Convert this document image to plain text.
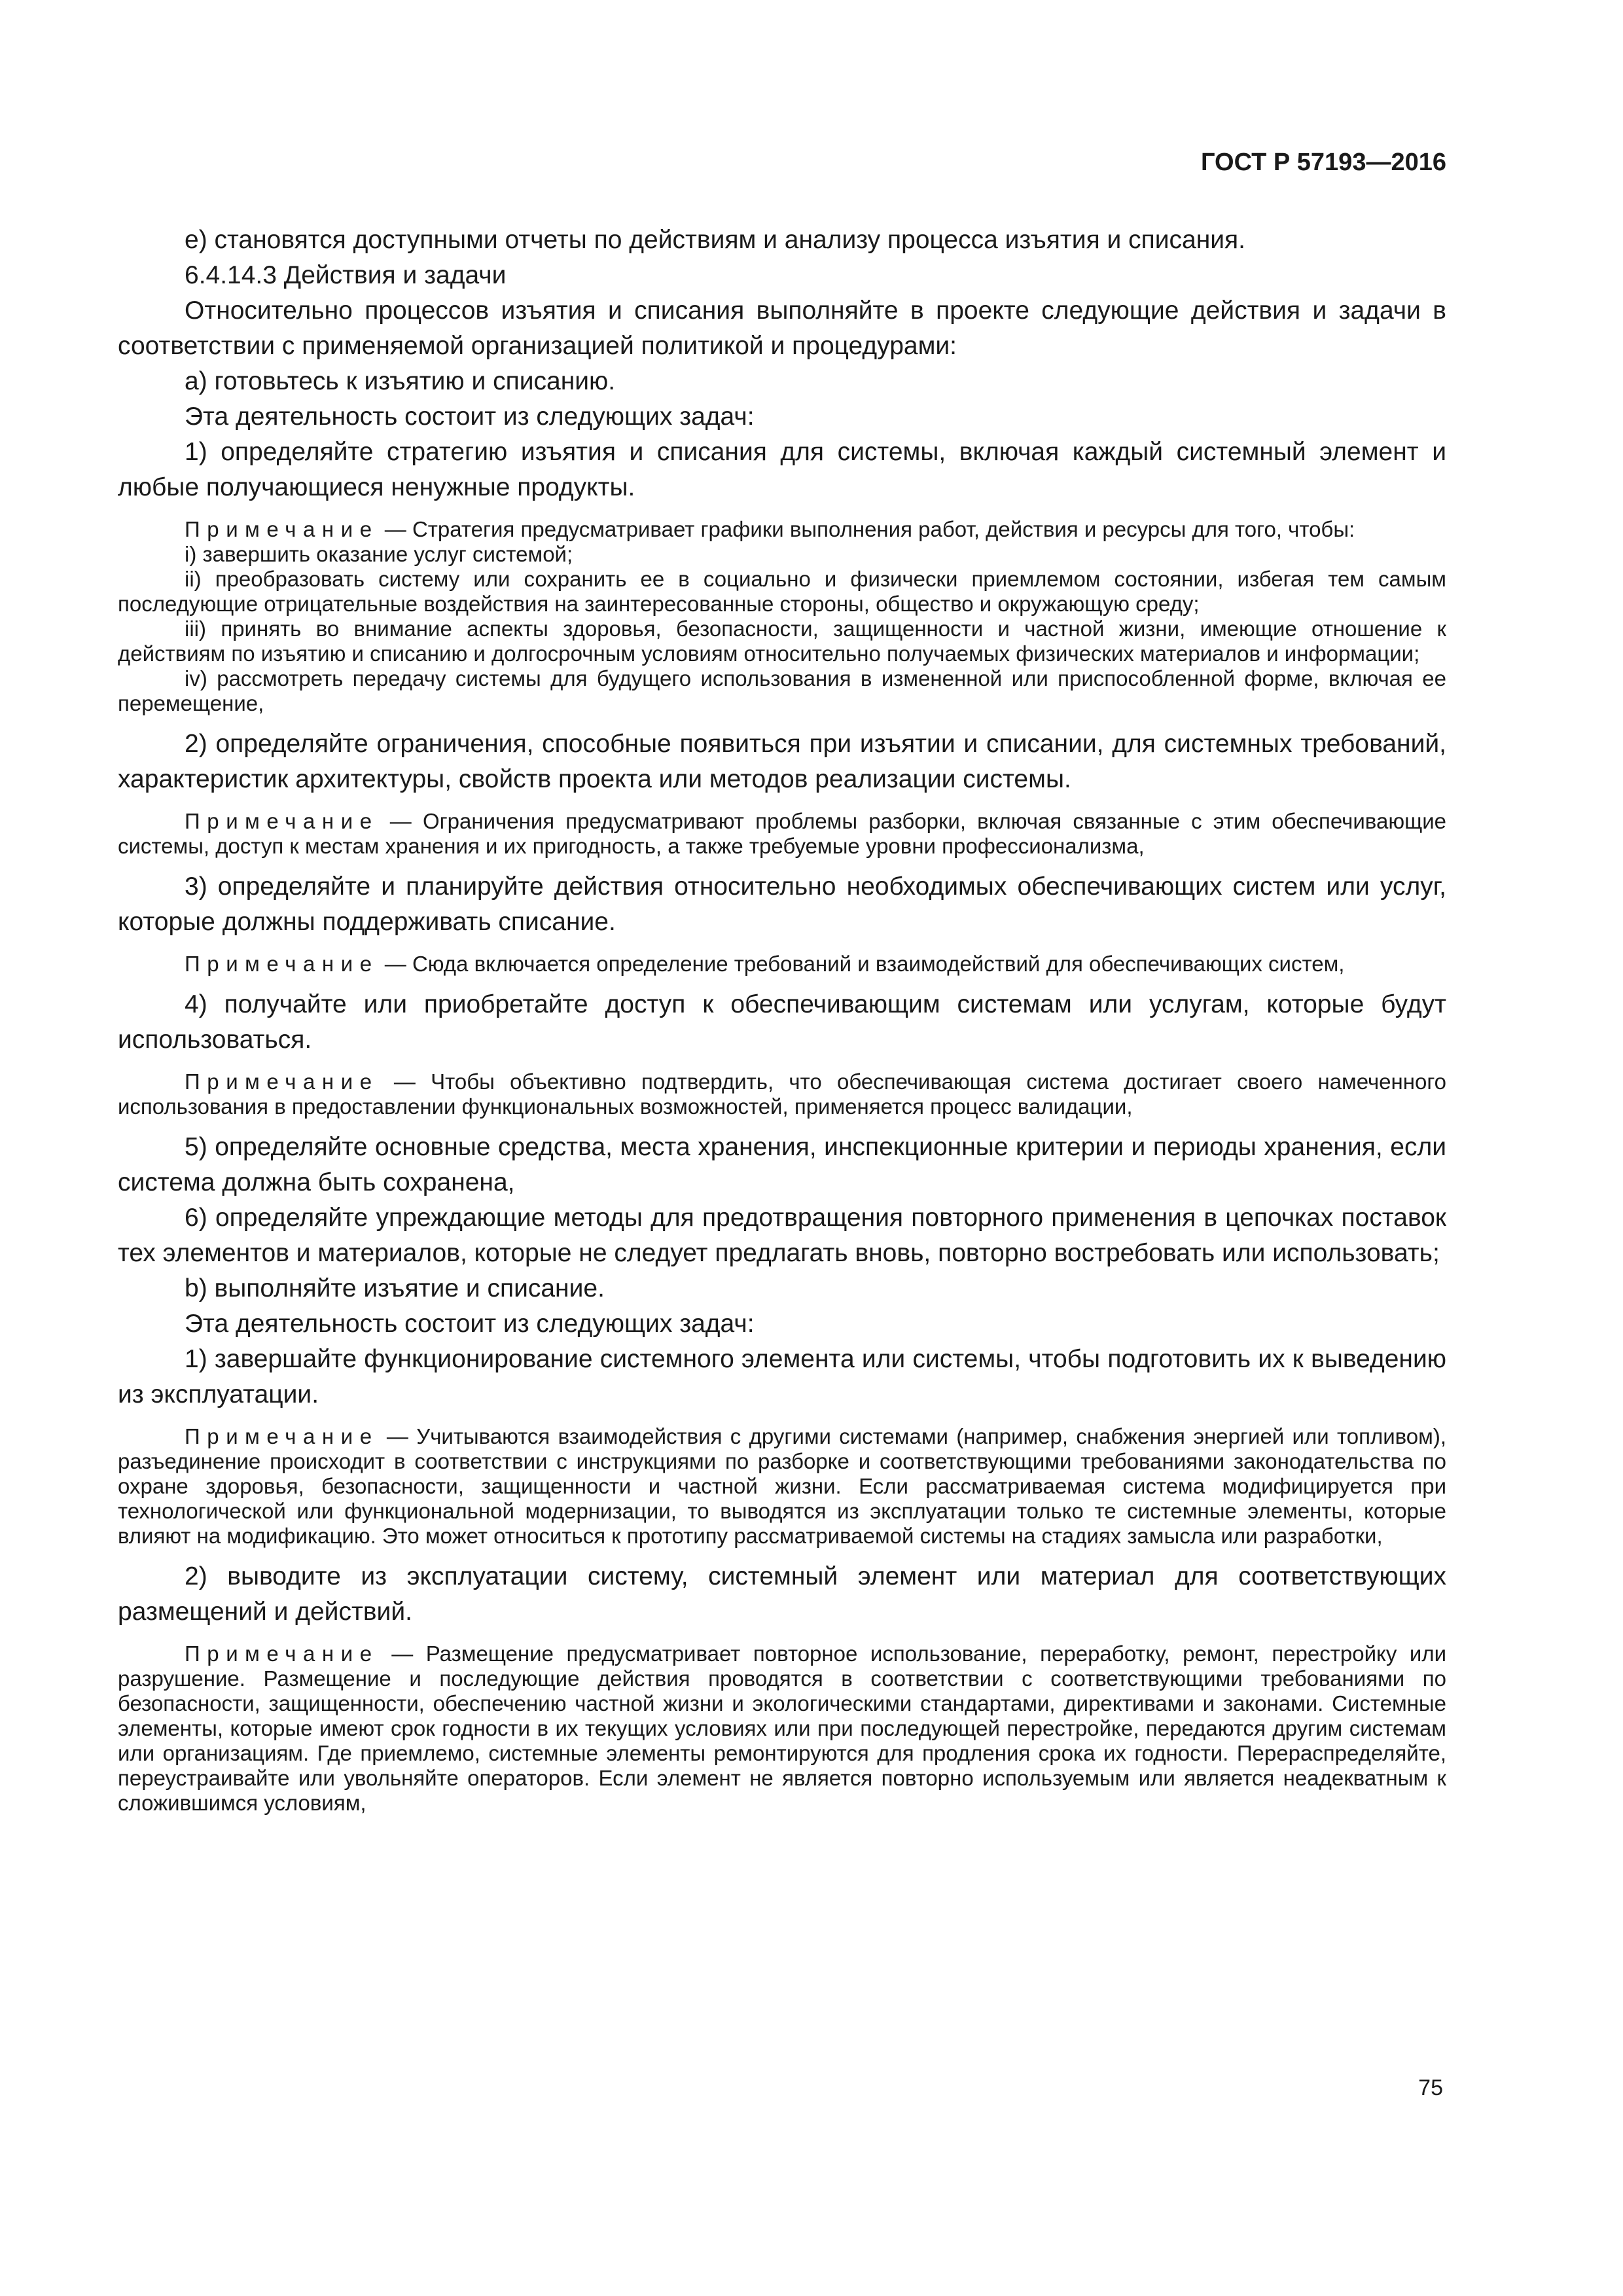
ГОСТ Р 57193—2016

е) становятся доступными отчеты по действиям и анализу процесса изъятия и списания.

6.4.14.3 Действия и задачи

Относительно процессов изъятия и списания выполняйте в проекте следующие действия и задачи в соответствии с применяемой организацией политикой и процедурами:

а) готовьтесь к изъятию и списанию.

Эта деятельность состоит из следующих задач:

1) определяйте стратегию изъятия и списания для системы, включая каждый системный элемент и любые получающиеся ненужные продукты.

Примечание — Стратегия предусматривает графики выполнения работ, действия и ресурсы для того, чтобы:

i) завершить оказание услуг системой;

ii) преобразовать систему или сохранить ее в социально и физически приемлемом состоянии, избегая тем самым последующие отрицательные воздействия на заинтересованные стороны, общество и окружающую среду;

iii) принять во внимание аспекты здоровья, безопасности, защищенности и частной жизни, имеющие отношение к действиям по изъятию и списанию и долгосрочным условиям относительно получаемых физических материалов и информации;

iv) рассмотреть передачу системы для будущего использования в измененной или приспособленной форме, включая ее перемещение,

2) определяйте ограничения, способные появиться при изъятии и списании, для системных требований, характеристик архитектуры, свойств проекта или методов реализации системы.

Примечание — Ограничения предусматривают проблемы разборки, включая связанные с этим обеспечивающие системы, доступ к местам хранения и их пригодность, а также требуемые уровни профессионализма,

3) определяйте и планируйте действия относительно необходимых обеспечивающих систем или услуг, которые должны поддерживать списание.

Примечание — Сюда включается определение требований и взаимодействий для обеспечивающих систем,

4) получайте или приобретайте доступ к обеспечивающим системам или услугам, которые будут использоваться.

Примечание — Чтобы объективно подтвердить, что обеспечивающая система достигает своего намеченного использования в предоставлении функциональных возможностей, применяется процесс валидации,

5) определяйте основные средства, места хранения, инспекционные критерии и периоды хранения, если система должна быть сохранена,

6) определяйте упреждающие методы для предотвращения повторного применения в цепочках поставок тех элементов и материалов, которые не следует предлагать вновь, повторно востребовать или использовать;

b) выполняйте изъятие и списание.

Эта деятельность состоит из следующих задач:

1) завершайте функционирование системного элемента или системы, чтобы подготовить их к выведению из эксплуатации.

Примечание — Учитываются взаимодействия с другими системами (например, снабжения энергией или топливом), разъединение происходит в соответствии с инструкциями по разборке и соответствующими требованиями законодательства по охране здоровья, безопасности, защищенности и частной жизни. Если рассматриваемая система модифицируется при технологической или функциональной модернизации, то выводятся из эксплуатации только те системные элементы, которые влияют на модификацию. Это может относиться к прототипу рассматриваемой системы на стадиях замысла или разработки,

2) выводите из эксплуатации систему, системный элемент или материал для соответствующих размещений и действий.

Примечание — Размещение предусматривает повторное использование, переработку, ремонт, перестройку или разрушение. Размещение и последующие действия проводятся в соответствии с соответствующими требованиями по безопасности, защищенности, обеспечению частной жизни и экологическими стандартами, директивами и законами. Системные элементы, которые имеют срок годности в их текущих условиях или при последующей перестройке, передаются другим системам или организациям. Где приемлемо, системные элементы ремонтируются для продления срока их годности. Перераспределяйте, переустраивайте или увольняйте операторов. Если элемент не является повторно используемым или является неадекватным к сложившимся условиям,

75
